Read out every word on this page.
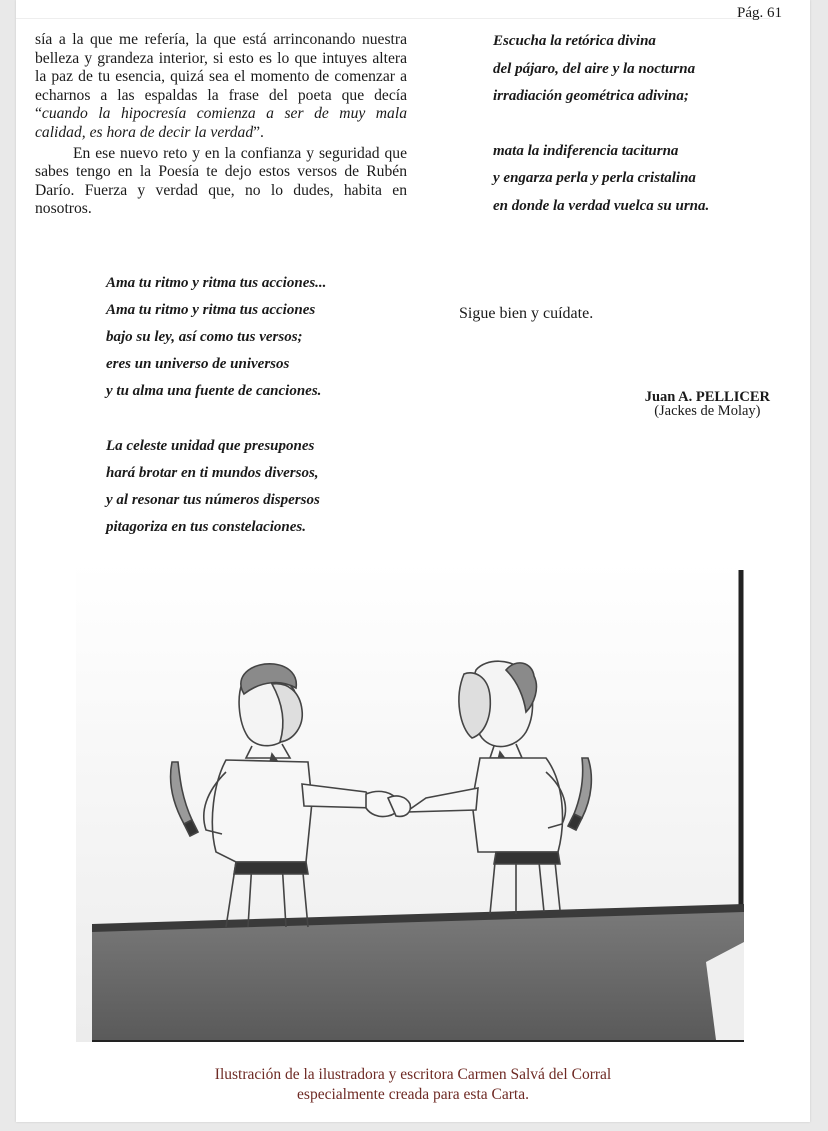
Pág. 61

sía a la que me refería, la que está arrinconando nuestra belleza y grandeza interior, si esto es lo que intuyes altera la paz de tu esencia, quizá sea el momento de comenzar a echarnos a las espaldas la frase del poeta que decía “cuando la hipocresía comienza a ser de muy mala calidad, es hora de decir la verdad”.

En ese nuevo reto y en la confianza y seguridad que sabes tengo en la Poesía te dejo estos versos de Rubén Darío. Fuerza y verdad que, no lo dudes, habita en nosotros.

Escucha la retórica divina
del pájaro, del aire y la nocturna
irradiación geométrica adivina;
mata la indiferencia taciturna
y engarza perla y perla cristalina
en donde la verdad vuelca su urna.
Ama tu ritmo y ritma tus acciones...
Ama tu ritmo y ritma tus acciones
bajo su ley, así como tus versos;
eres un universo de universos
y tu alma una fuente de canciones.
La celeste unidad que presupones
hará brotar en ti mundos diversos,
y al resonar tus números dispersos
pitagoriza en tus constelaciones.
Sigue bien y cuídate.
Juan A. PELLICER
(Jackes de Molay)
Ilustración de la ilustradora y escritora Carmen Salvá del Corral
especialmente creada para esta Carta.
